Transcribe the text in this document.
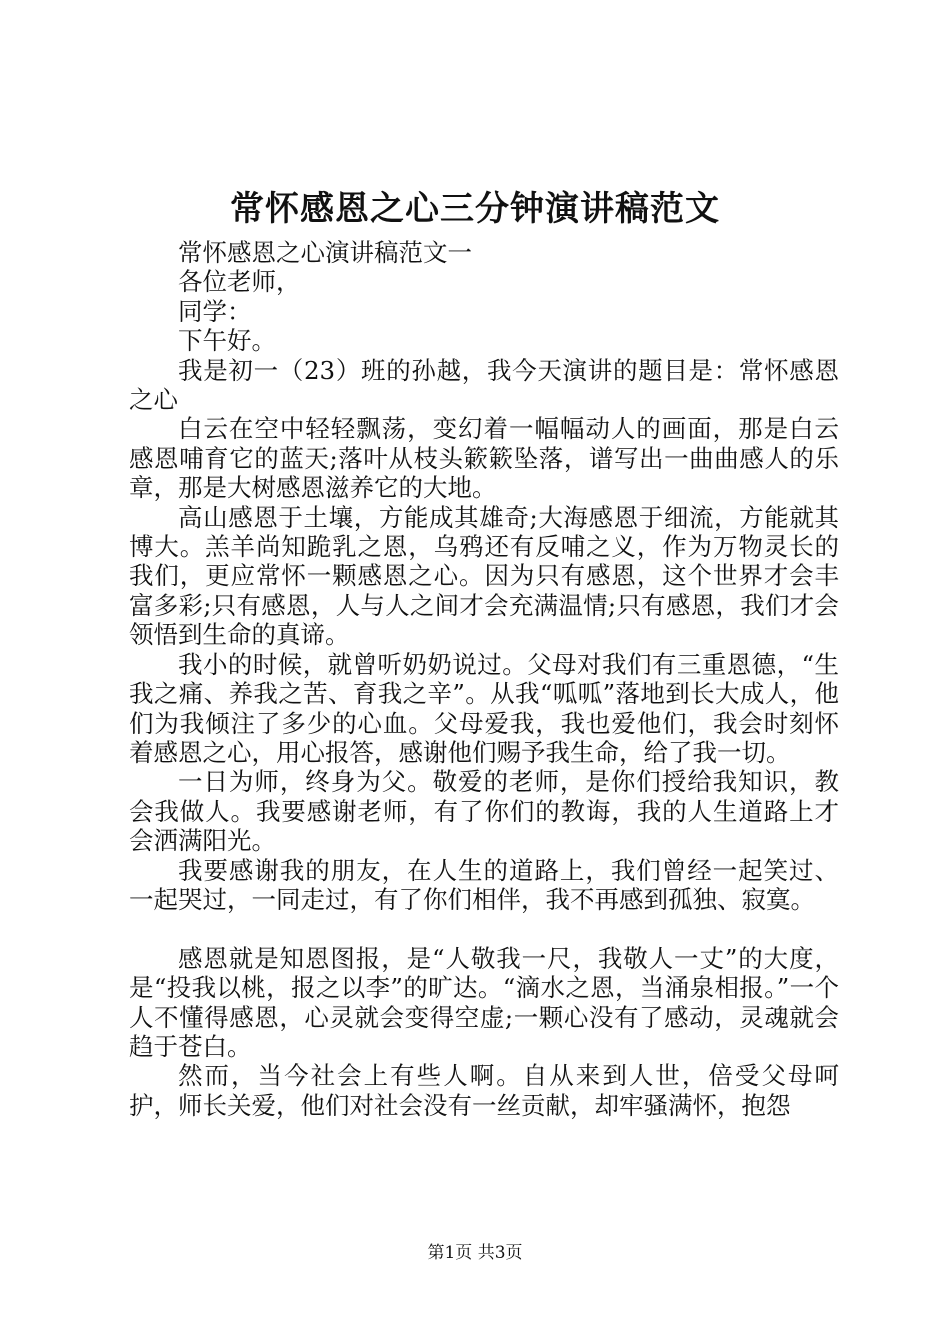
常怀感恩之心三分钟演讲稿范文

常怀感恩之心演讲稿范文一

各位老师，

同学：

下午好。

我是初一（23）班的孙越，我今天演讲的题目是：常怀感恩之心

白云在空中轻轻飘荡，变幻着一幅幅动人的画面，那是白云感恩哺育它的蓝天;落叶从枝头簌簌坠落，谱写出一曲曲感人的乐章，那是大树感恩滋养它的大地。

高山感恩于土壤，方能成其雄奇;大海感恩于细流，方能就其博大。羔羊尚知跪乳之恩，乌鸦还有反哺之义，作为万物灵长的我们，更应常怀一颗感恩之心。因为只有感恩，这个世界才会丰富多彩;只有感恩，人与人之间才会充满温情;只有感恩，我们才会领悟到生命的真谛。

我小的时候，就曾听奶奶说过。父母对我们有三重恩德，“生我之痛、养我之苦、育我之辛”。从我“呱呱”落地到长大成人，他们为我倾注了多少的心血。父母爱我，我也爱他们，我会时刻怀着感恩之心，用心报答，感谢他们赐予我生命，给了我一切。

一日为师，终身为父。敬爱的老师，是你们授给我知识，教会我做人。我要感谢老师，有了你们的教诲，我的人生道路上才会洒满阳光。

我要感谢我的朋友，在人生的道路上，我们曾经一起笑过、一起哭过，一同走过，有了你们相伴，我不再感到孤独、寂寞。

感恩就是知恩图报，是“人敬我一尺，我敬人一丈”的大度，是“投我以桃，报之以李”的旷达。“滴水之恩，当涌泉相报。”一个人不懂得感恩，心灵就会变得空虚;一颗心没有了感动，灵魂就会趋于苍白。

然而，当今社会上有些人啊。自从来到人世，倍受父母呵护，师长关爱，他们对社会没有一丝贡献，却牢骚满怀，抱怨

第1页 共3页
